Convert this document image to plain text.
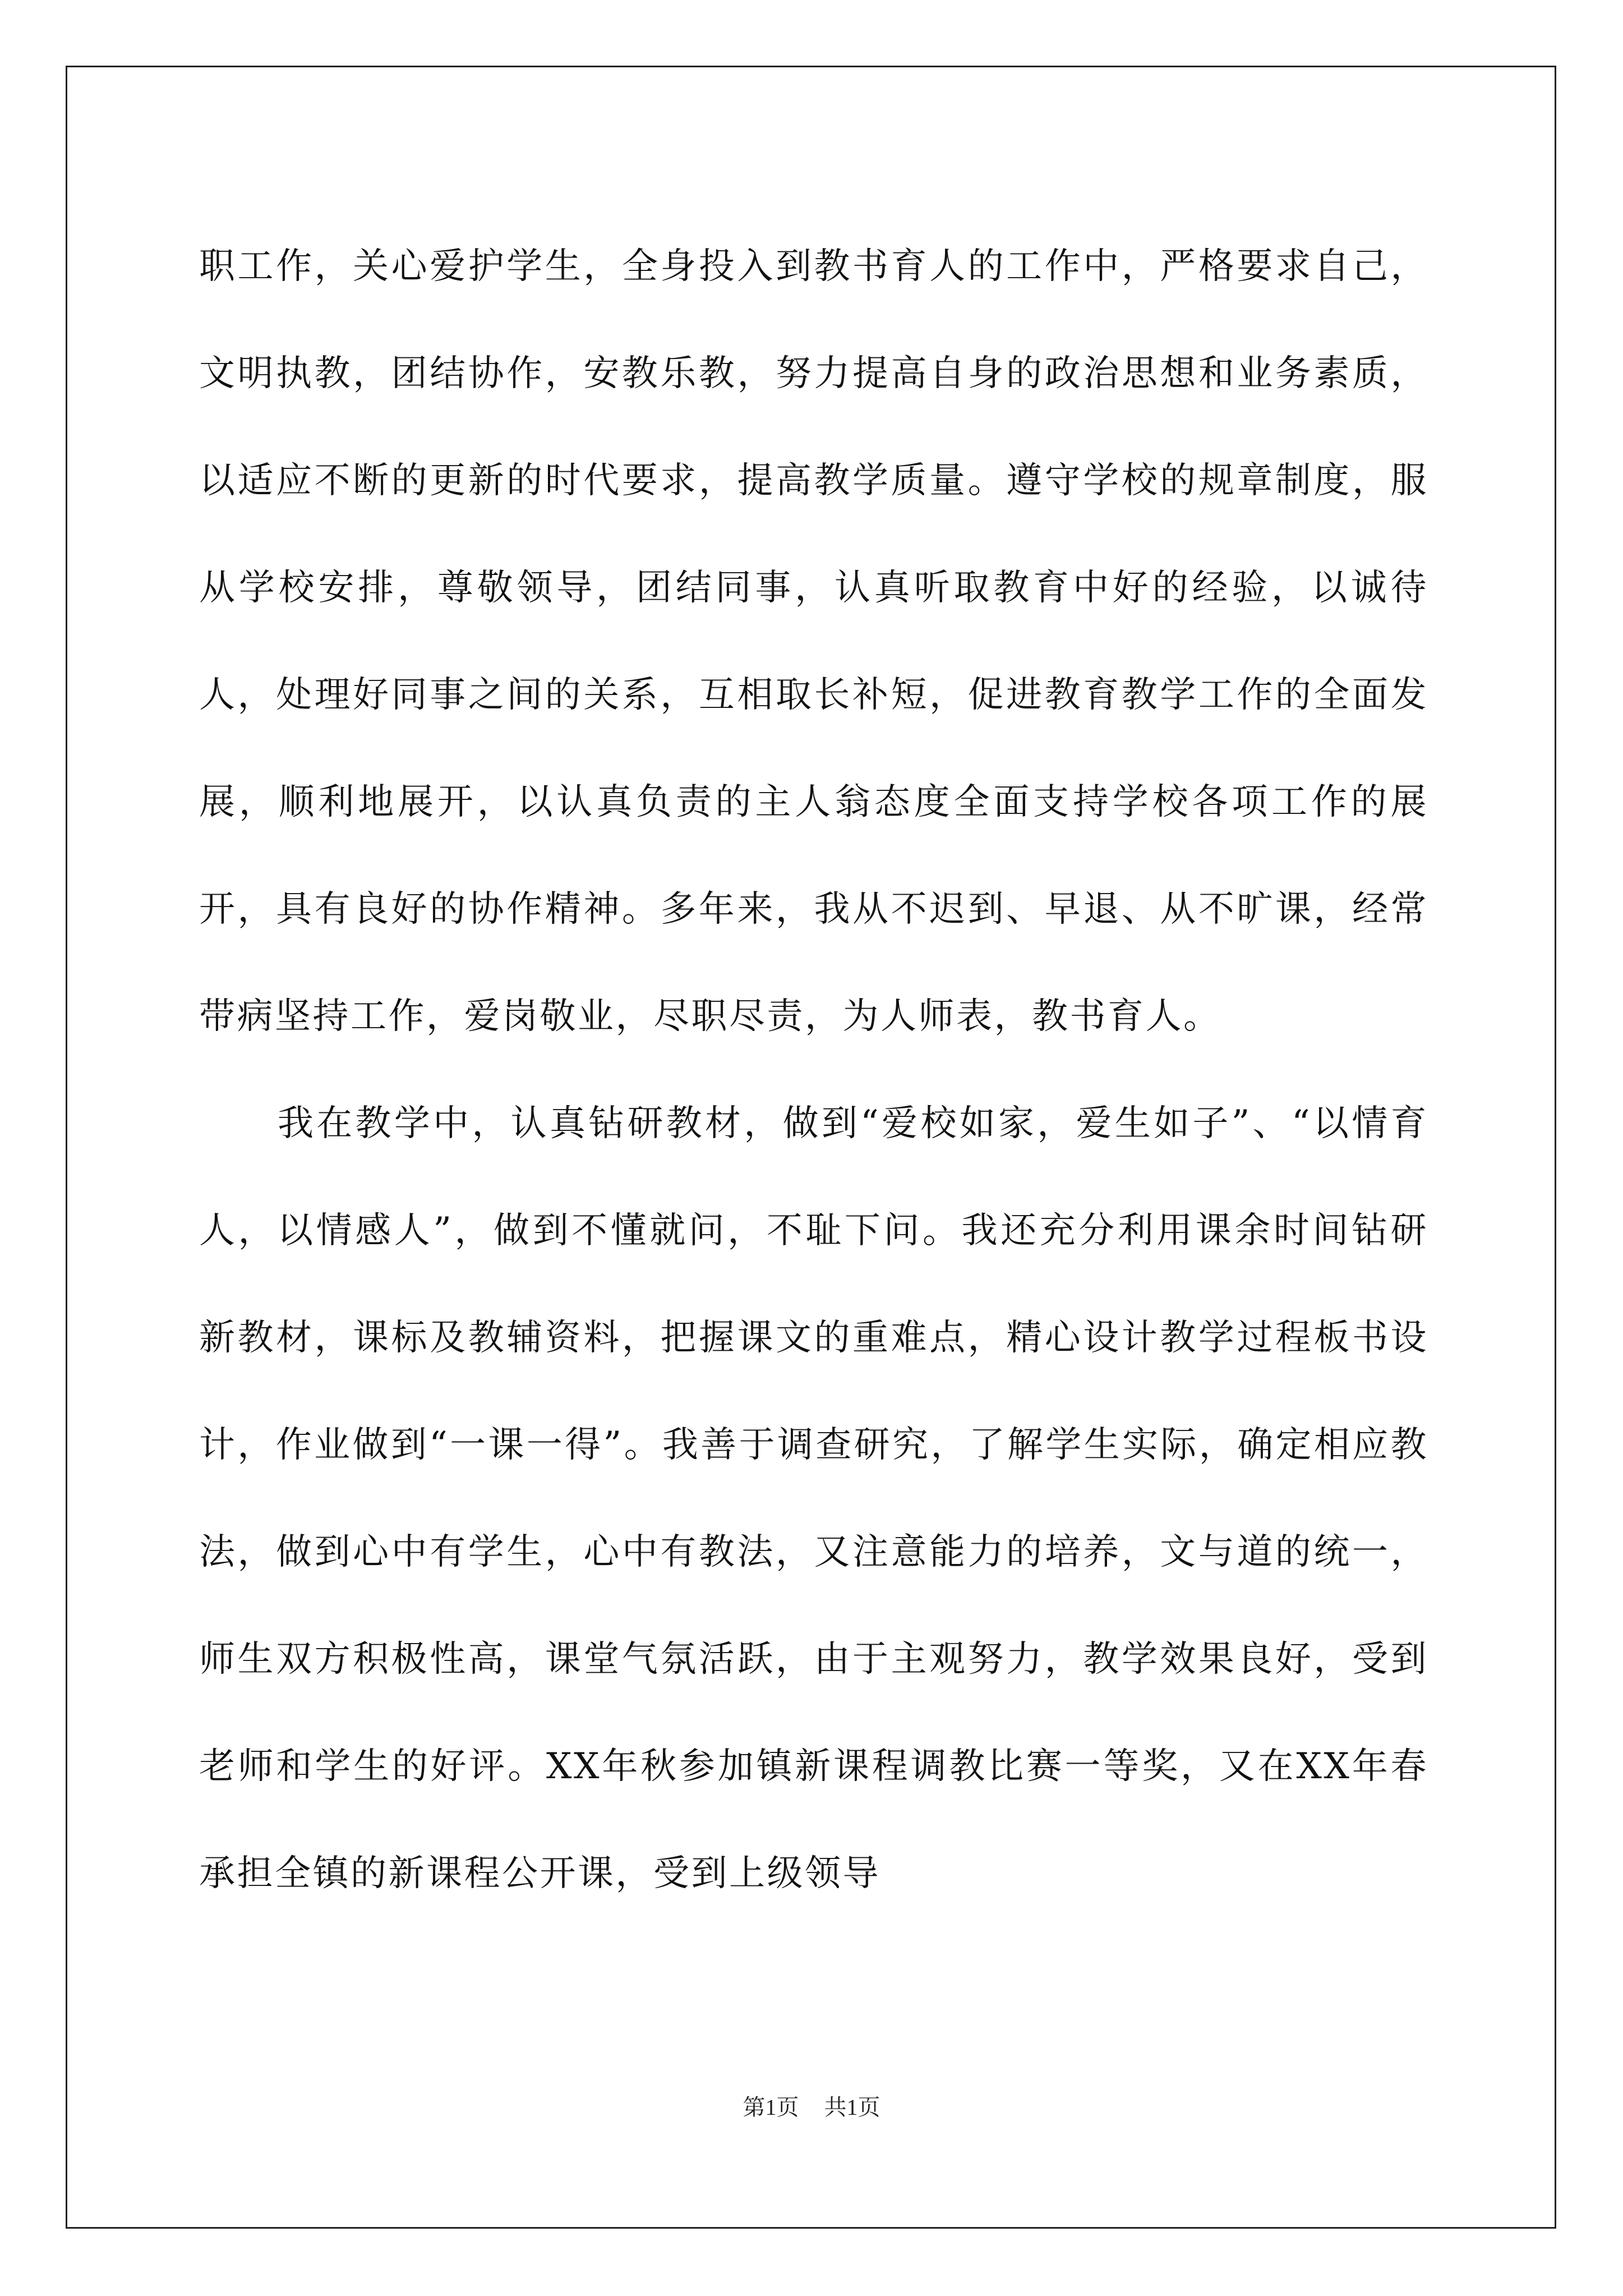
职工作，关心爱护学生，全身投入到教书育人的工作中，严格要求自己，文明执教，团结协作，安教乐教，努力提高自身的政治思想和业务素质，以适应不断的更新的时代要求，提高教学质量。遵守学校的规章制度，服从学校安排，尊敬领导，团结同事，认真听取教育中好的经验，以诚待人，处理好同事之间的关系，互相取长补短，促进教育教学工作的全面发展，顺利地展开，以认真负责的主人翁态度全面支持学校各项工作的展开，具有良好的协作精神。多年来，我从不迟到、早退、从不旷课，经常带病坚持工作，爱岗敬业，尽职尽责，为人师表，教书育人。

我在教学中，认真钻研教材，做到“爱校如家，爱生如子”、“以情育人，以情感人”，做到不懂就问，不耻下问。我还充分利用课余时间钻研新教材，课标及教辅资料，把握课文的重难点，精心设计教学过程板书设计，作业做到“一课一得”。我善于调查研究，了解学生实际，确定相应教法，做到心中有学生，心中有教法，又注意能力的培养，文与道的统一，师生双方积极性高，课堂气氛活跃，由于主观努力，教学效果良好，受到老师和学生的好评。XX年秋参加镇新课程调教比赛一等奖，又在XX年春承担全镇的新课程公开课，受到上级领导

第1页 共1页
